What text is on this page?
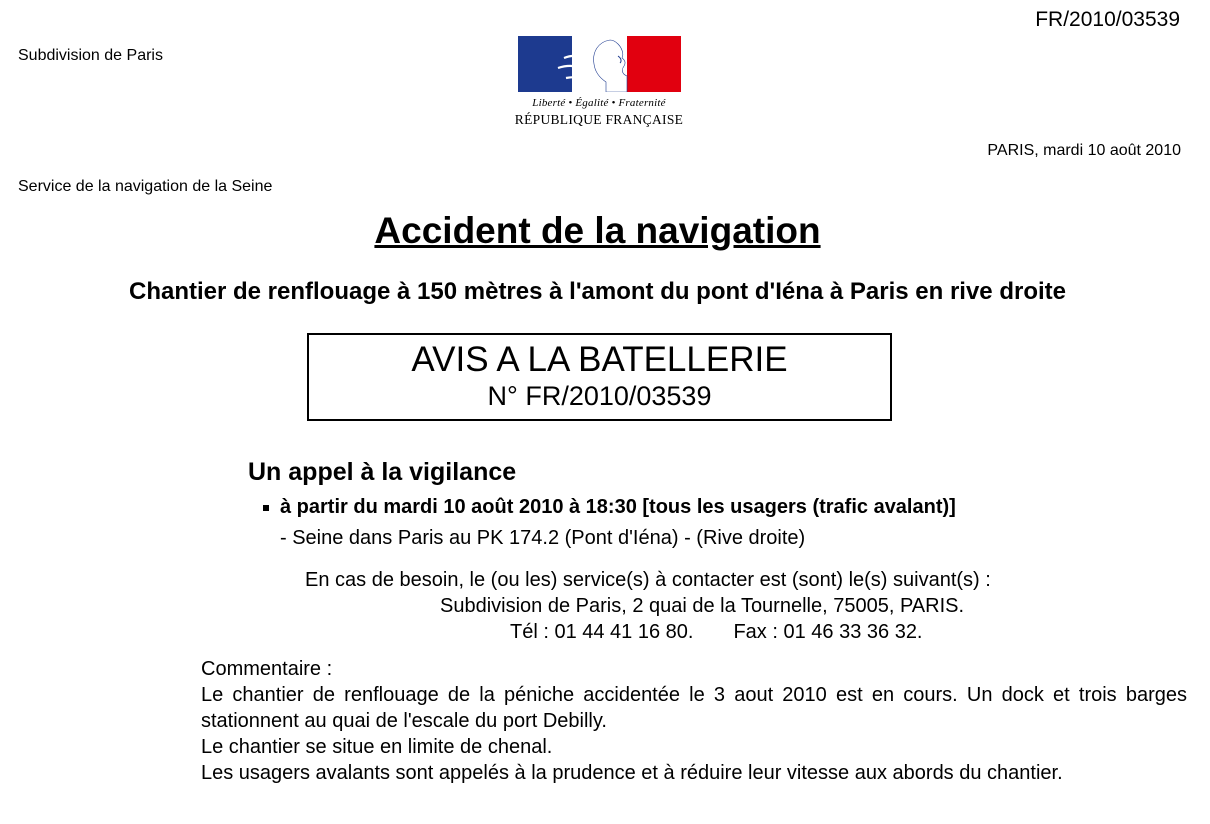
FR/2010/03539
Subdivision de Paris
Liberté • Égalité • Fraternité
RÉPUBLIQUE FRANÇAISE
PARIS, mardi 10 août 2010
Service de la navigation de la Seine
Accident de la navigation
Chantier de renflouage à 150 mètres à l'amont du pont d'Iéna à Paris en rive droite
AVIS A LA BATELLERIE
N° FR/2010/03539
Un appel à la vigilance
à partir du mardi 10 août 2010 à 18:30 [tous les usagers (trafic avalant)]
- Seine dans Paris au PK 174.2 (Pont d'Iéna) - (Rive droite)
En cas de besoin, le (ou les) service(s) à contacter est (sont) le(s) suivant(s) :
Subdivision de Paris, 2 quai de la Tournelle, 75005, PARIS.
Tél : 01 44 41 16 80. Fax : 01 46 33 36 32.

Commentaire :

Le chantier de renflouage de la péniche accidentée le 3 aout 2010 est en cours. Un dock et trois barges stationnent au quai de l'escale du port Debilly.

Le chantier se situe en limite de chenal.

Les usagers avalants sont appelés à la prudence et à réduire leur vitesse aux abords du chantier.
